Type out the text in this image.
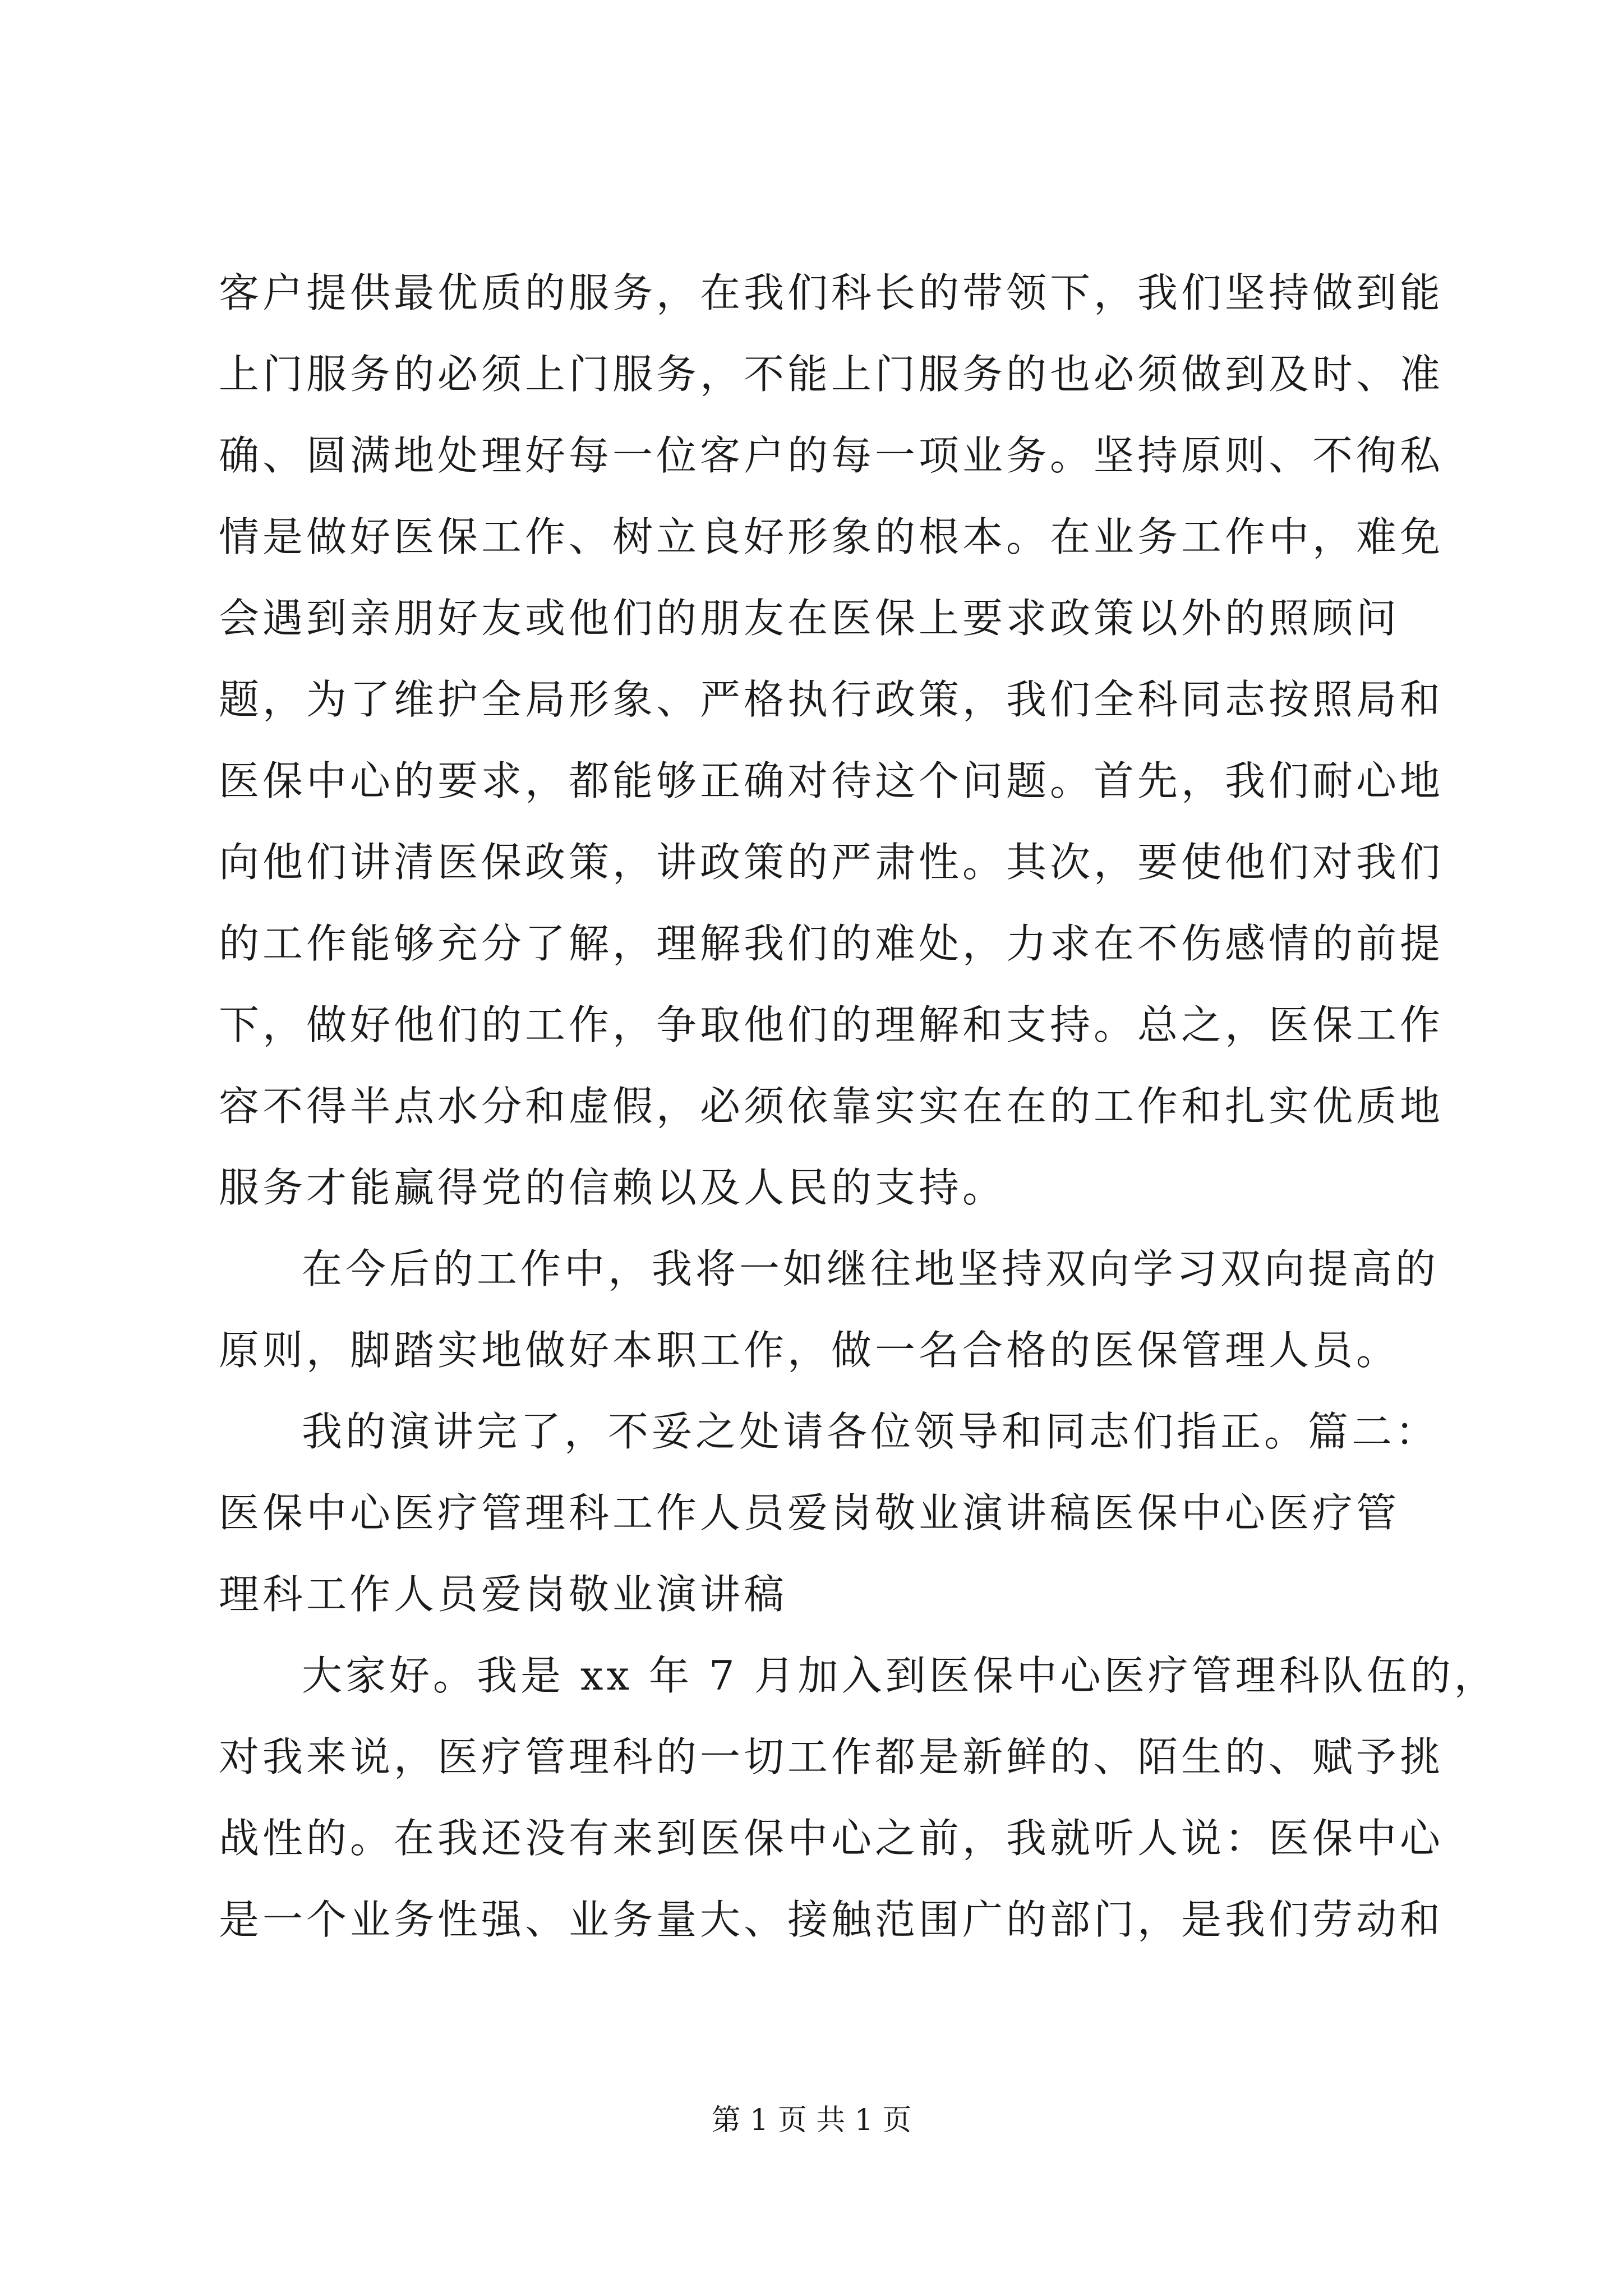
客户提供最优质的服务，在我们科长的带领下，我们坚持做到能
上门服务的必须上门服务，不能上门服务的也必须做到及时、准
确、圆满地处理好每一位客户的每一项业务。坚持原则、不徇私
情是做好医保工作、树立良好形象的根本。在业务工作中，难免
会遇到亲朋好友或他们的朋友在医保上要求政策以外的照顾问
题，为了维护全局形象、严格执行政策，我们全科同志按照局和
医保中心的要求，都能够正确对待这个问题。首先，我们耐心地
向他们讲清医保政策，讲政策的严肃性。其次，要使他们对我们
的工作能够充分了解，理解我们的难处，力求在不伤感情的前提
下，做好他们的工作，争取他们的理解和支持。总之，医保工作
容不得半点水分和虚假，必须依靠实实在在的工作和扎实优质地
服务才能赢得党的信赖以及人民的支持。
在今后的工作中，我将一如继往地坚持双向学习双向提高的
原则，脚踏实地做好本职工作，做一名合格的医保管理人员。
我的演讲完了，不妥之处请各位领导和同志们指正。篇二：
医保中心医疗管理科工作人员爱岗敬业演讲稿医保中心医疗管
理科工作人员爱岗敬业演讲稿
大家好。我是 xx 年 7 月加入到医保中心医疗管理科队伍的，
对我来说，医疗管理科的一切工作都是新鲜的、陌生的、赋予挑
战性的。在我还没有来到医保中心之前，我就听人说：医保中心
是一个业务性强、业务量大、接触范围广的部门，是我们劳动和
第 1 页 共 1 页
